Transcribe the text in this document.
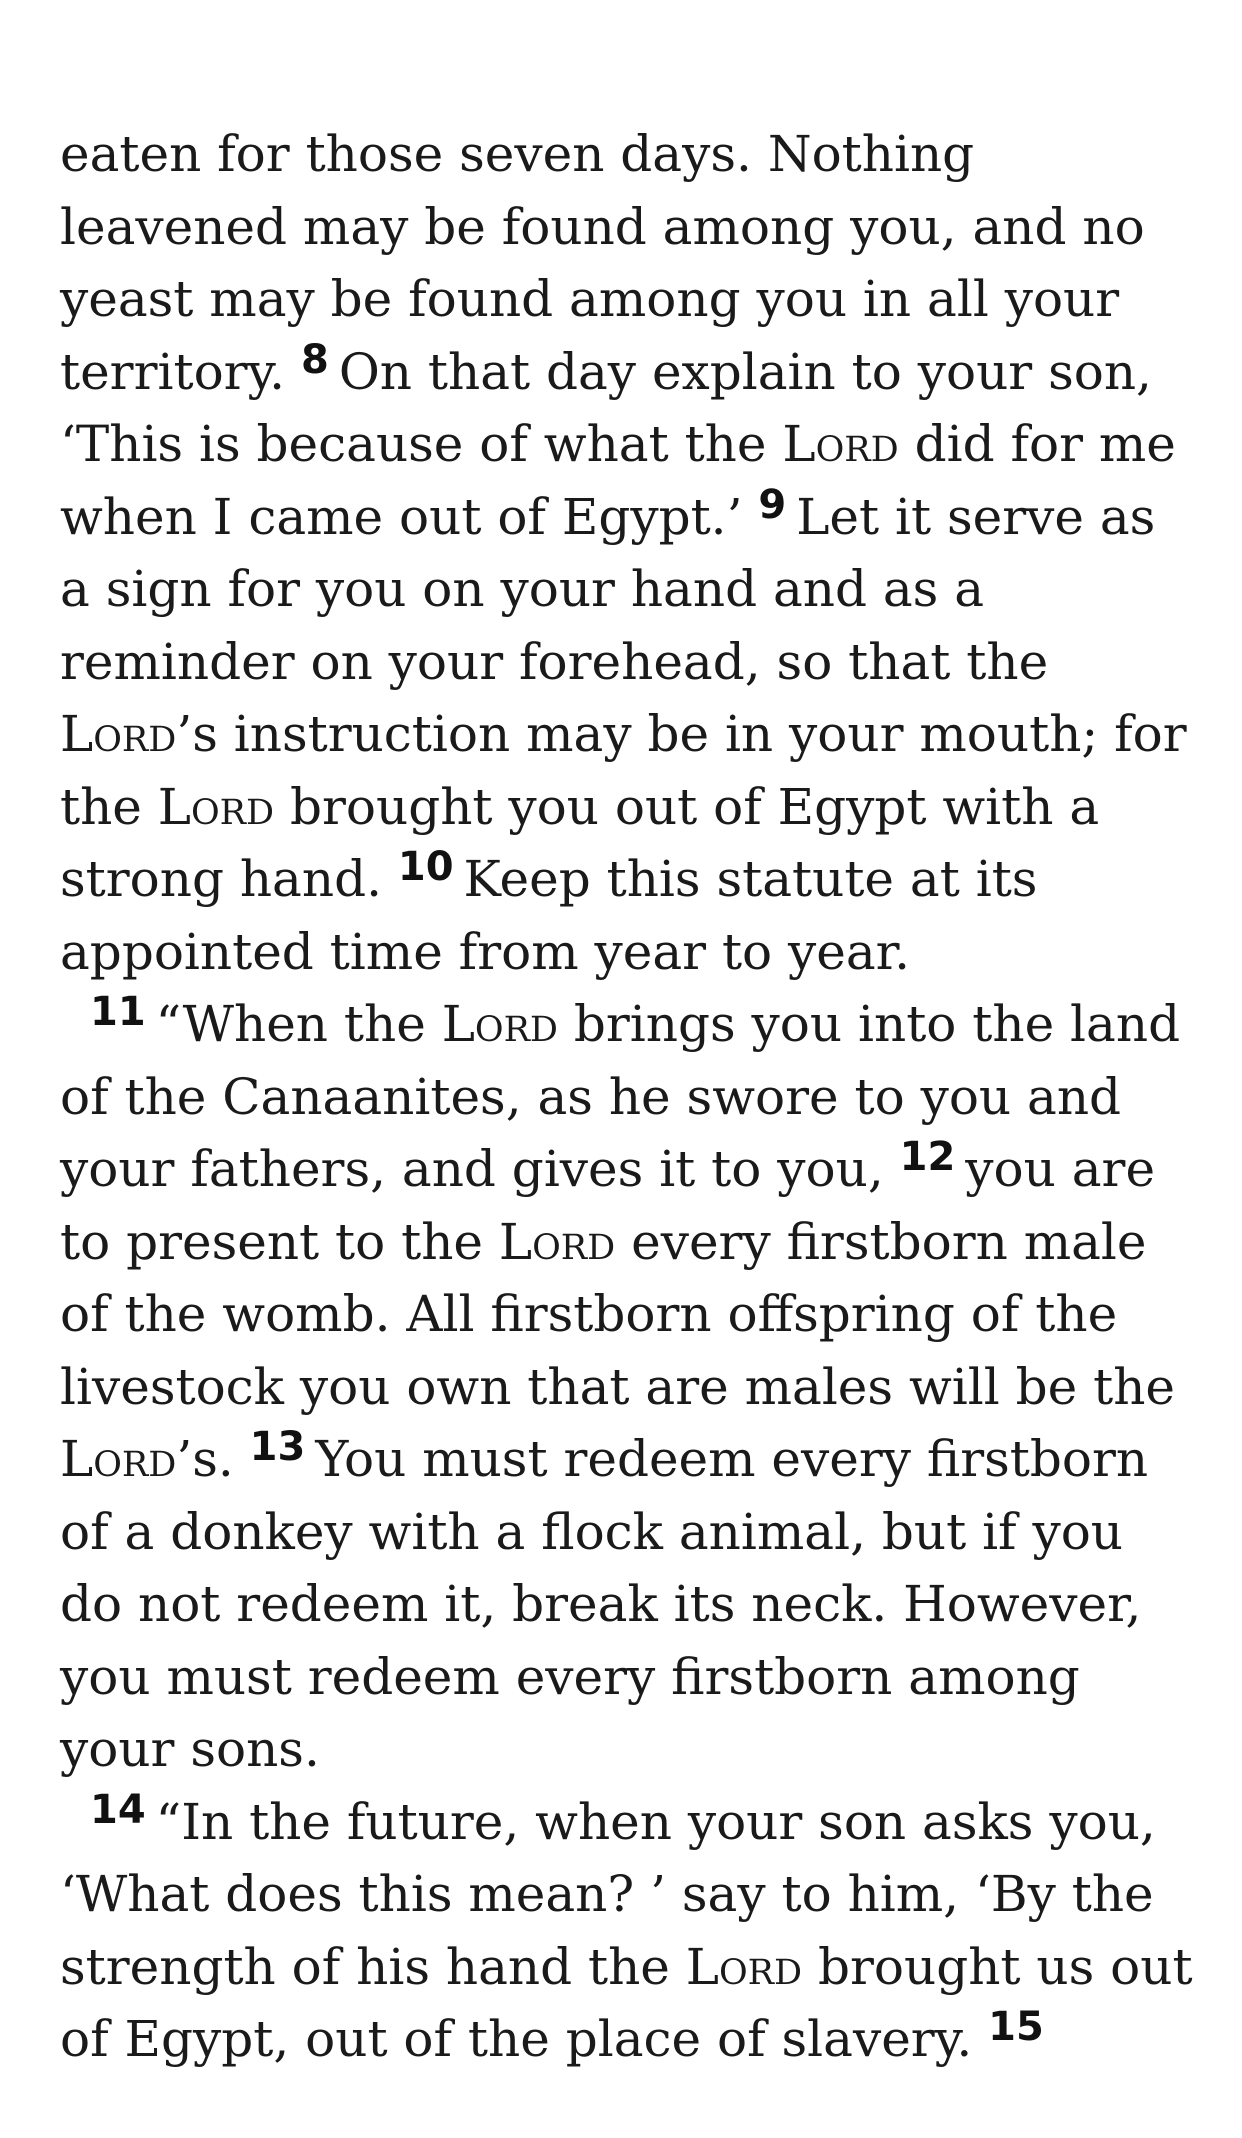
eaten for those seven days. Nothing leavened may be found among you, and no yeast may be found among you in all your territory. $^8$ On that day explain to your son, ‘This is because of what the Lord did for me when I came out of Egypt.’ $^9$ Let it serve as a sign for you on your hand and as a reminder on your forehead, so that the Lord’s instruction may be in your mouth; for the Lord brought you out of Egypt with a strong hand. $^{10}$ Keep this statute at its appointed time from year to year.

$^{11}$ “When the Lord brings you into the land of the Canaanites, as he swore to you and your fathers, and gives it to you, $^{12}$ you are to present to the Lord every firstborn male of the womb. All firstborn offspring of the livestock you own that are males will be the Lord’s. $^{13}$ You must redeem every firstborn of a donkey with a flock animal, but if you do not redeem it, break its neck. However, you must redeem every firstborn among your sons.

$^{14}$ “In the future, when your son asks you, ‘What does this mean? ’ say to him, ‘By the strength of his hand the Lord brought us out of Egypt, out of the place of slavery. $^{15}$
